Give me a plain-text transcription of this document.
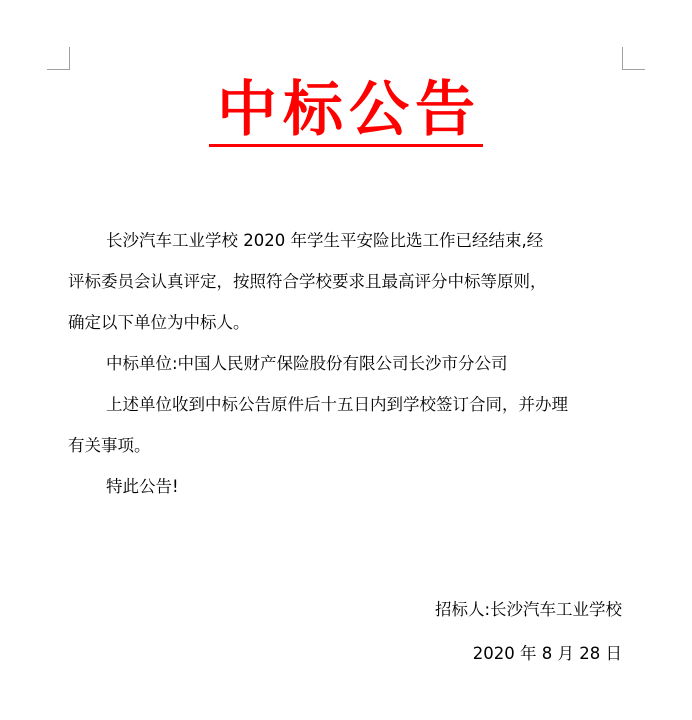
中标公告

长沙汽车工业学校 2020 年学生平安险比选工作已经结束,经

评标委员会认真评定，按照符合学校要求且最高评分中标等原则，

确定以下单位为中标人。

中标单位:中国人民财产保险股份有限公司长沙市分公司

上述单位收到中标公告原件后十五日内到学校签订合同，并办理

有关事项。

特此公告!

招标人:长沙汽车工业学校
2020 年 8 月 28 日
